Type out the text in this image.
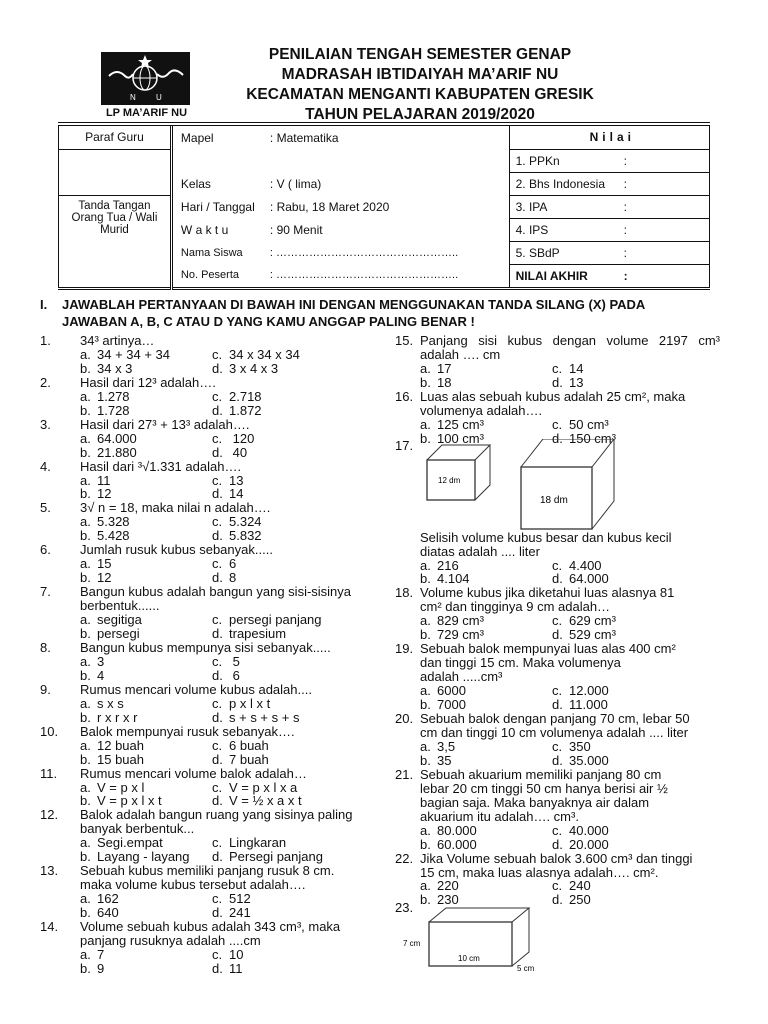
N	U
LP MA’ARIF NU
PENILAIAN TENGAH SEMESTER GENAP
MADRASAH IBTIDAIYAH MA’ARIF NU
KECAMATAN MENGANTI KABUPATEN GRESIK
TAHUN PELAJARAN 2019/2020
Paraf Guru	Mapel : Matematika	Nilai
		1. PPKn :
	Kelas : V ( lima)	2. Bhs Indonesia :

Tanda Tangan
Orang Tua / Wali
Murid	Hari / Tanggal : Rabu, 18 Maret 2020	3. IPA :
	W a k t u : 90 Menit	4. IPS :
	Nama Siswa : …………………………………………..	5. SBdP :
	No. Peserta : …………………………………………..	NILAI AKHIR :
I. JAWABLAH PERTANYAAN DI BAWAH INI DENGAN MENGGUNAKAN TANDA SILANG (X) PADA
JAWABAN A, B, C ATAU D YANG KAMU ANGGAP PALING BENAR !
1. 34³ artinya…
a. 34 + 34 + 34	c. 34 x 34 x 34
b. 34 x 3	d. 3 x 4 x 3
2. Hasil dari 12³ adalah….
a. 1.278	c. 2.718
b. 1.728	d. 1.872
3. Hasil dari 27³ + 13³ adalah….
a. 64.000	c. 120
b. 21.880	d. 40
4. Hasil dari ³√1.331 adalah….
a. 11	c. 13
b. 12	d. 14
5. 3√ n = 18, maka nilai n adalah….
a. 5.328	c. 5.324
b. 5.428	d. 5.832
6. Jumlah rusuk kubus sebanyak.....
a. 15	c. 6
b. 12	d. 8
7. Bangun kubus adalah bangun yang sisi-sisinya
berbentuk......
a. segitiga	c. persegi panjang
b. persegi	d. trapesium
8. Bangun kubus mempunya sisi sebanyak.....
a. 3	c. 5
b. 4	d. 6
9. Rumus mencari volume kubus adalah....
a. s x s	c. p x l x t
b. r x r x r	d. s + s + s + s
10. Balok mempunyai rusuk sebanyak….
a. 12 buah	c. 6 buah
b. 15 buah	d. 7 buah
11. Rumus mencari volume balok adalah…
a. V = p x l	c. V = p x l x a
b. V = p x l x t	d. V = ½ x a x t
12. Balok adalah bangun ruang yang sisinya paling
banyak berbentuk...
a. Segi.empat	c. Lingkaran
b. Layang - layang	d. Persegi panjang
13. Sebuah kubus memiliki panjang rusuk 8 cm.
maka volume kubus tersebut adalah….
a. 162	c. 512
b. 640	d. 241
14. Volume sebuah kubus adalah 343 cm³, maka
panjang rusuknya adalah ....cm
a. 7	c. 10
b. 9	d. 11
15. Panjang sisi kubus dengan volume 2197 cm³
adalah …. cm
a. 17	c. 14
b. 18	d. 13
16. Luas alas sebuah kubus adalah 25 cm², maka
volumenya adalah….
a. 125 cm³	c. 50 cm³
b. 100 cm³	d. 150 cm³
17.
12 dm
18 dm
Selisih volume kubus besar dan kubus kecil
diatas adalah .... liter
a. 216	c. 4.400
b. 4.104	d. 64.000
18. Volume kubus jika diketahui luas alasnya 81
cm² dan tingginya 9 cm adalah…
a. 829 cm³	c. 629 cm³
b. 729 cm³	d. 529 cm³
19. Sebuah balok mempunyai luas alas 400 cm²
dan tinggi 15 cm. Maka volumenya
adalah .....cm³
a. 6000	c. 12.000
b. 7000	d. 11.000
20. Sebuah balok dengan panjang 70 cm, lebar 50
cm dan tinggi 10 cm volumenya adalah .... liter
a. 3,5	c. 350
b. 35	d. 35.000
21. Sebuah akuarium memiliki panjang 80 cm
lebar 20 cm tinggi 50 cm hanya berisi air ½
bagian saja. Maka banyaknya air dalam
akuarium itu adalah…. cm³.
a. 80.000	c. 40.000
b. 60.000	d. 20.000
22. Jika Volume sebuah balok 3.600 cm³ dan tinggi
15 cm, maka luas alasnya adalah…. cm².
a. 220	c. 240
b. 230	d. 250
23.
7 cm
10 cm
5 cm
